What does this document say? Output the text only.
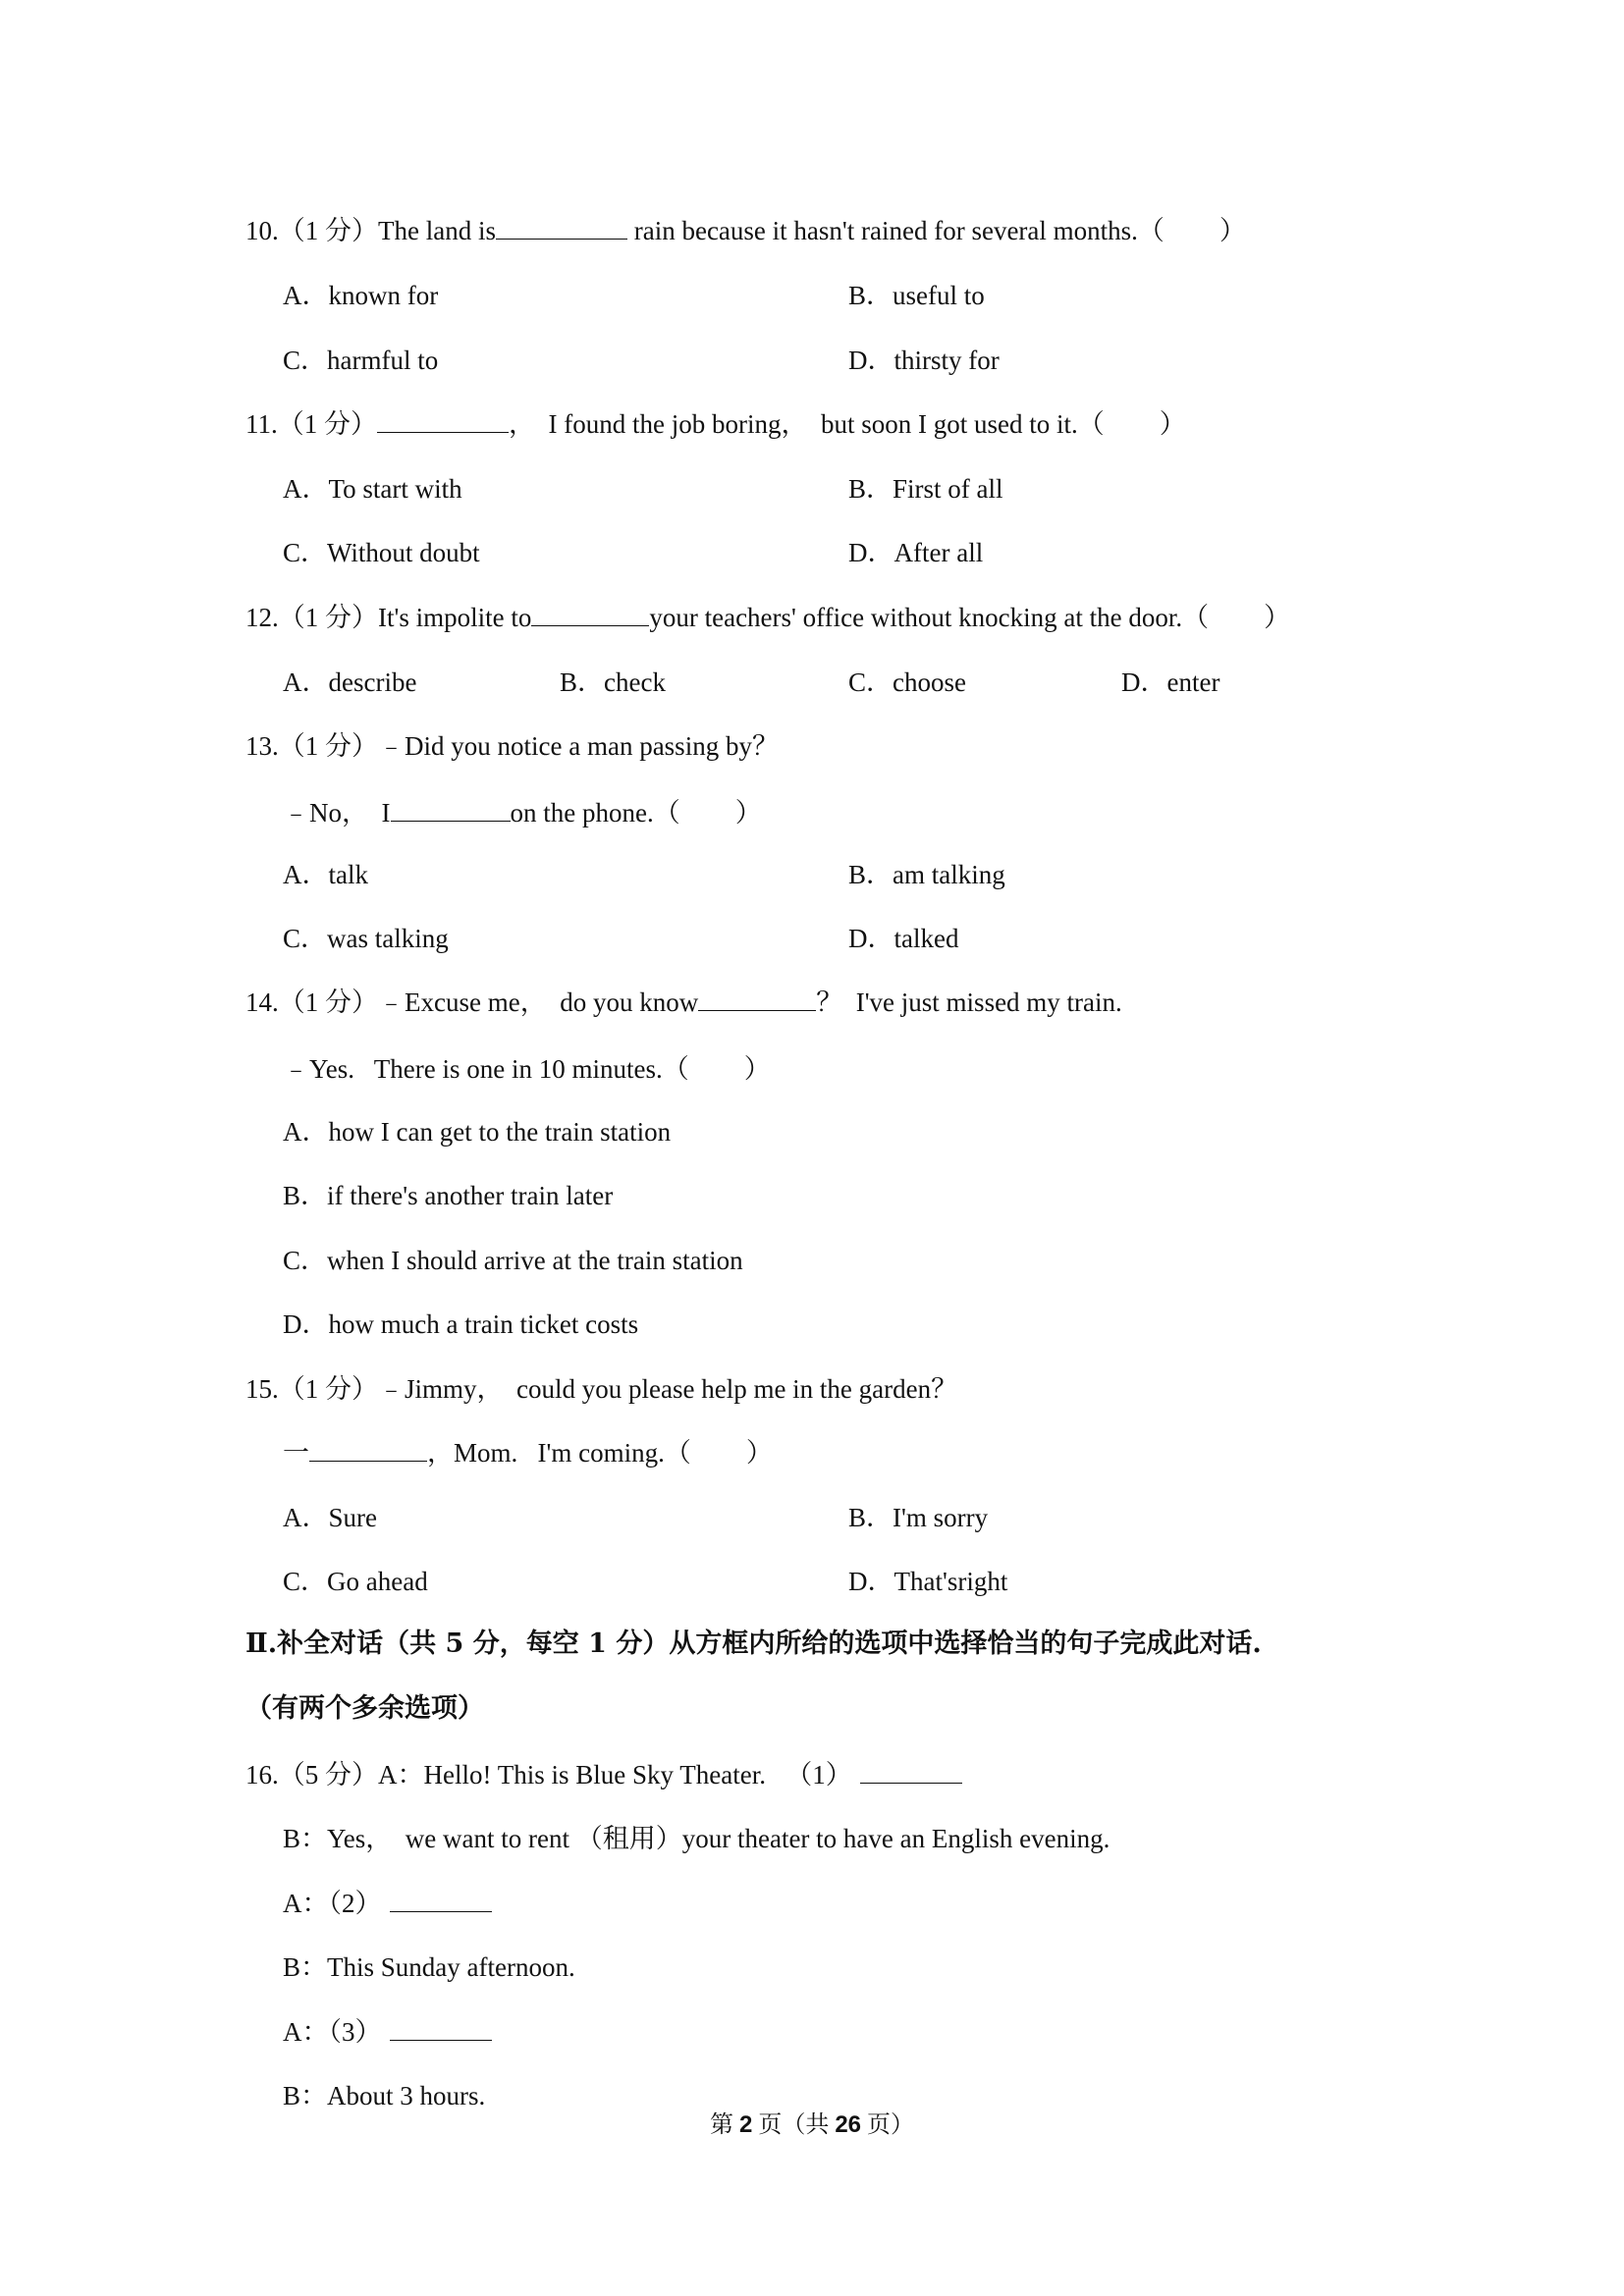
10.（1 分）The land is	rain because it hasn't rained for several months.（ ）
A．known for	B．useful to
C．harmful to	D．thirsty for
11.（1 分）	，  I found the job boring，  but soon I got used to it.（ ）
A．To start with	B．First of all
C．Without doubt	D．After all
12.（1 分）It's impolite to	your teachers' office without knocking at the door.（ ）
A．describe	B．check	C．choose	D．enter
13.（1 分）﹣Did you notice a man passing by？
﹣No，  I	on the phone.（ ）
A．talk	B．am talking
C．was talking	D．talked
14.（1 分）﹣Excuse me，  do you know	？  I've just missed my train.
﹣Yes.   There is one in 10 minutes.（ ）
A．how I can get to the train station
B．if there's another train later
C．when I should arrive at the train station
D．how much a train ticket costs
15.（1 分）﹣Jimmy，  could you please help me in the garden？
一	，Mom.   I'm coming.（ ）
A．Sure	B．I'm sorry
C．Go ahead	D．That'sright
Ⅱ.补全对话（共 5 分，每空 1 分）从方框内所给的选项中选择恰当的句子完成此对话.（有两个多余选项）
16.（5 分）A：Hello! This is Blue Sky Theater.   （1）
B：Yes，  we want to rent （租用）your theater to have an English evening.
A：（2）
B：This Sunday afternoon.
A：（3）
B：About 3 hours.
第 2 页（共 26 页）
